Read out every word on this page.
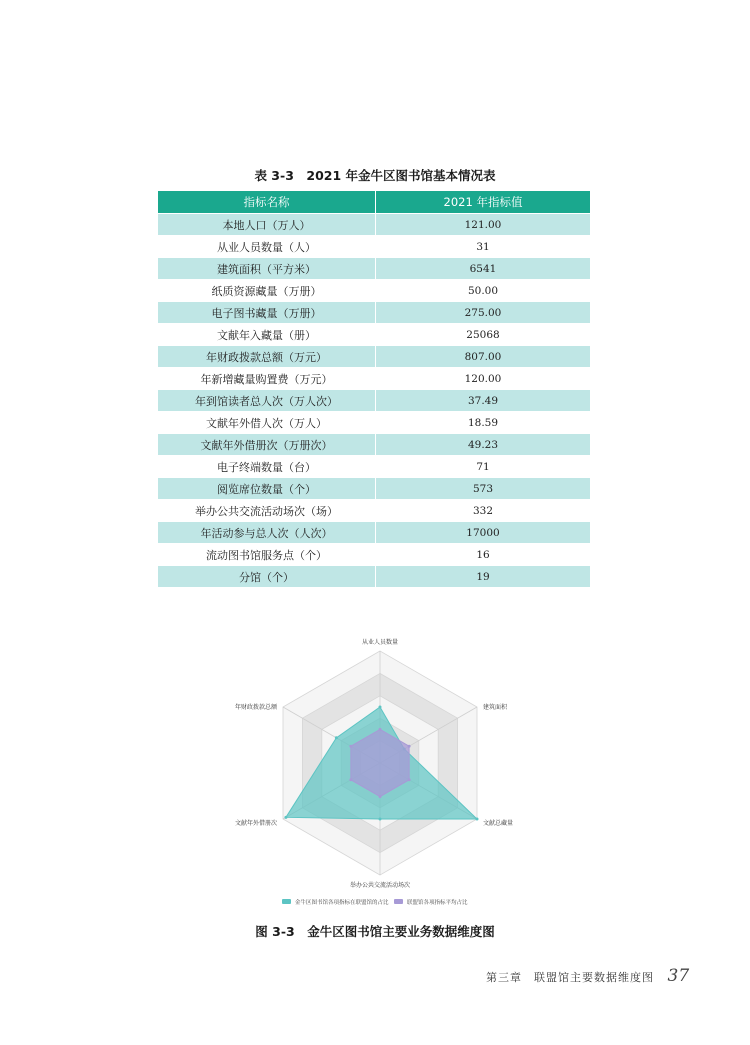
表 3-3　2021 年金牛区图书馆基本情况表
指标名称	2021 年指标值
本地人口（万人）	121.00
从业人员数量（人）	31
建筑面积（平方米）	6541
纸质资源藏量（万册）	50.00
电子图书藏量（万册）	275.00
文献年入藏量（册）	25068
年财政拨款总额（万元）	807.00
年新增藏量购置费（万元）	120.00
年到馆读者总人次（万人次）	37.49
文献年外借人次（万人）	18.59
文献年外借册次（万册次）	49.23
电子终端数量（台）	71
阅览席位数量（个）	573
举办公共交流活动场次（场）	332
年活动参与总人次（人次）	17000
流动图书馆服务点（个）	16
分馆（个）	19
从业人员数量
建筑面积
文献总藏量
举办公共交流活动场次
文献年外借册次
年财政拨款总额
金牛区图书馆各项指标在联盟馆的占比	联盟馆各项指标平均占比
图 3-3　金牛区图书馆主要业务数据维度图
第三章　联盟馆主要数据维度图 37
